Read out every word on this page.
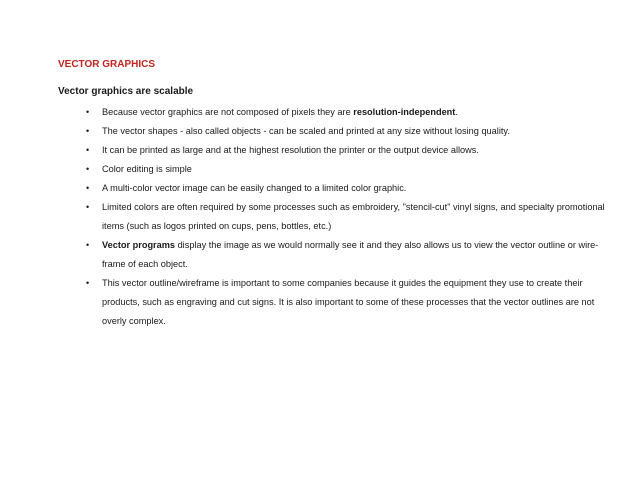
VECTOR GRAPHICS
Vector graphics are scalable
• Because vector graphics are not composed of pixels they are resolution-independent.
• The vector shapes - also called objects - can be scaled and printed at any size without losing quality.
• It can be printed as large and at the highest resolution the printer or the output device allows.
• Color editing is simple
• A multi-color vector image can be easily changed to a limited color graphic.
• Limited colors are often required by some processes such as embroidery, "stencil-cut" vinyl signs, and specialty promotional items (such as logos printed on cups, pens, bottles, etc.)
• Vector programs display the image as we would normally see it and they also allows us to view the vector outline or wire-frame of each object.
• This vector outline/wireframe is important to some companies because it guides the equipment they use to create their products, such as engraving and cut signs. It is also important to some of these processes that the vector outlines are not overly complex.
